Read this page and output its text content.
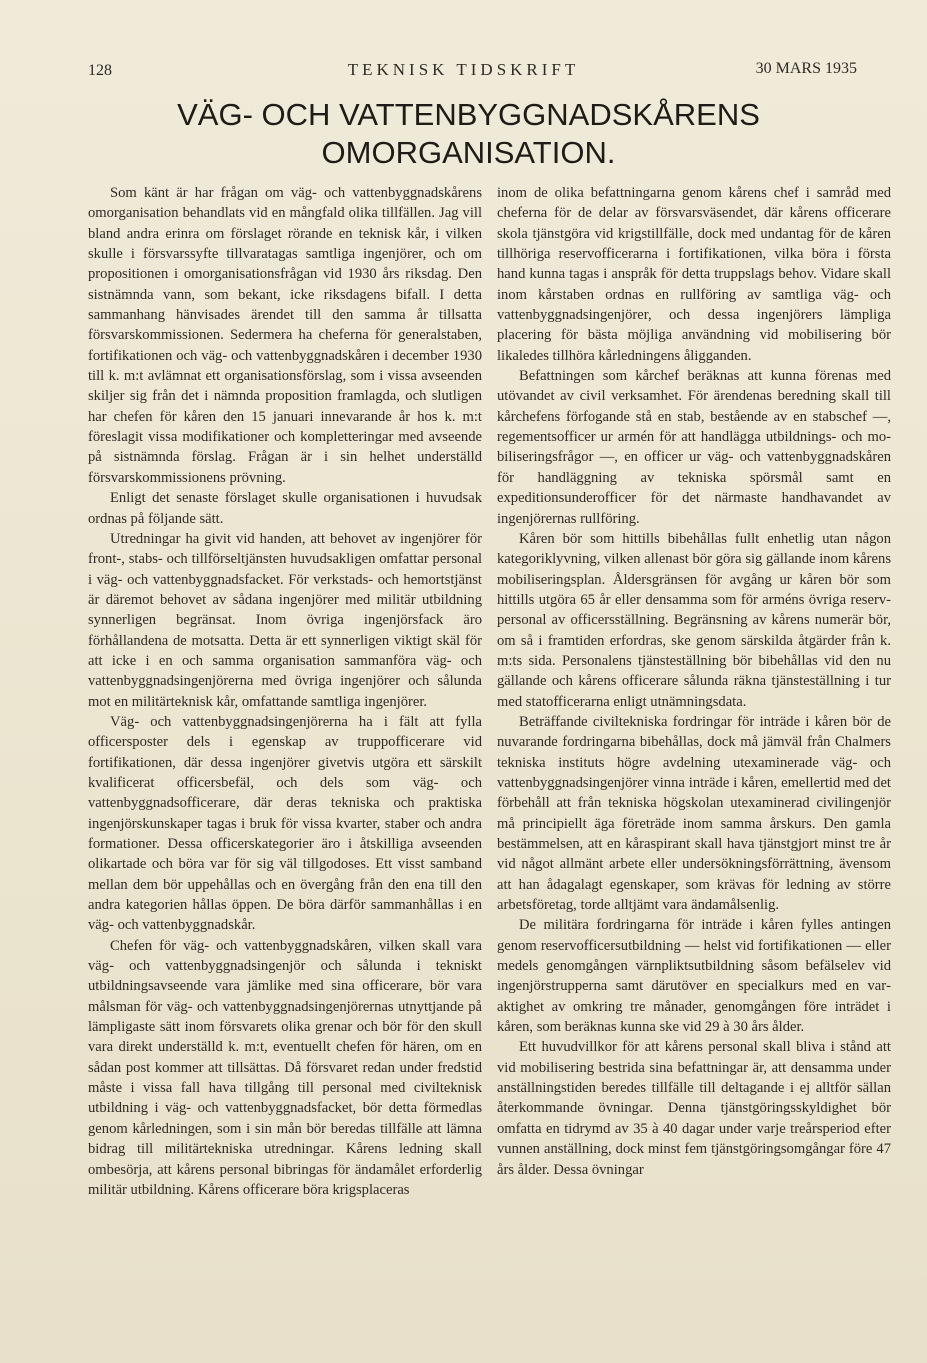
128	TEKNISK TIDSKRIFT	30 MARS 1935
VÄG- OCH VATTENBYGGNADSKÅRENS
OMORGANISATION.

Som känt är har frågan om väg- och vattenbyggnadskårens omorganisation behandlats vid en mångfald olika tillfällen. Jag vill bland andra erinra om förslaget rörande en teknisk kår, i vilken skulle i försvarssyfte tillvaratagas samtliga ingenjörer, och om propositionen i omorganisationsfrågan vid 1930 års riksdag. Den sistnämnda vann, som bekant, icke riksdagens bifall. I detta sammanhang hänvisades ärendet till den samma år tillsatta försvarskommissionen. Sedermera ha cheferna för generalstaben, fortifikationen och väg- och vattenbyggnadskåren i december 1930 till k. m:t avlämnat ett organisationsförslag, som i vissa avseenden skiljer sig från det i nämnda proposition framlagda, och slutligen har chefen för kåren den 15 januari innevarande år hos k. m:t föreslagit vissa modifikationer och kompletteringar med avseende på sistnämnda förslag. Frågan är i sin helhet underställd försvarskommissionens prövning.

Enligt det senaste förslaget skulle organisationen i huvudsak ordnas på följande sätt.

Utredningar ha givit vid handen, att behovet av ingenjörer för front-, stabs- och tillförseltjänsten huvudsakligen omfattar personal i väg- och vattenbyggnadsfacket. För verkstads- och hemortstjänst är däremot behovet av sådana ingenjörer med militär utbildning synnerligen begränsat. Inom övriga ingenjörsfack äro förhållandena de motsatta. Detta är ett synnerligen viktigt skäl för att icke i en och samma organisation sammanföra väg- och vattenbyggnadsingenjörerna med övriga ingenjörer och sålunda mot en militärteknisk kår, omfattande samtliga ingenjörer.

Väg- och vattenbyggnadsingenjörerna ha i fält att fylla officersposter dels i egenskap av truppofficerare vid fortifikationen, där dessa ingenjörer givetvis utgöra ett särskilt kvalificerat officersbefäl, och dels som väg- och vattenbyggnadsofficerare, där deras tekniska och praktiska ingenjörskunskaper tagas i bruk för vissa kvarter, staber och andra formationer. Dessa officerskategorier äro i åtskilliga avseenden olikartade och böra var för sig väl tillgodoses. Ett visst samband mellan dem bör uppehållas och en övergång från den ena till den andra kategorien hållas öppen. De böra därför sammanhållas i en väg- och vattenbyggnadskår.

Chefen för väg- och vattenbyggnadskåren, vilken skall vara väg- och vattenbyggnadsingenjör och sålunda i tekniskt utbildningsavseende vara jämlike med sina officerare, bör vara målsman för väg- och vattenbyggnadsingenjörernas utnyttjande på lämpligaste sätt inom försvarets olika grenar och bör för den skull vara direkt underställd k. m:t, eventuellt chefen för hären, om en sådan post kommer att tillsättas. Då försvaret redan under fredstid måste i vissa fall hava tillgång till personal med civilteknisk utbildning i väg- och vattenbyggnadsfacket, bör detta förmedlas genom kårledningen, som i sin mån bör beredas tillfälle att lämna bidrag till militärtekniska utredningar. Kårens ledning skall ombesörja, att kårens personal bibringas för ändamålet erforderlig militär utbildning. Kårens officerare böra krigsplaceras

inom de olika befattningarna genom kårens chef i samråd med cheferna för de delar av försvarsväsendet, där kårens officerare skola tjänstgöra vid krigstillfälle, dock med undantag för de kåren tillhöriga reservofficerarna i fortifikationen, vilka böra i första hand kunna tagas i anspråk för detta truppslags behov. Vidare skall inom kårstaben ordnas en rullföring av samtliga väg- och vattenbyggnadsingenjörer, och dessa ingenjörers lämpliga placering för bästa möjliga användning vid mobilisering bör likaledes tillhöra kårledningens åligganden.

Befattningen som kårchef beräknas att kunna förenas med utövandet av civil verksamhet. För ärendenas beredning skall till kårchefens förfogande stå en stab, bestående av en stabschef —, regementsofficer ur armén för att handlägga utbildnings- och mobiliseringsfrågor —, en officer ur väg- och vattenbyggnadskåren för handläggning av tekniska spörsmål samt en expeditionsunderofficer för det närmaste handhavandet av ingenjörernas rullföring.

Kåren bör som hittills bibehållas fullt enhetlig utan någon kategoriklyvning, vilken allenast bör göra sig gällande inom kårens mobiliseringsplan. Åldersgränsen för avgång ur kåren bör som hittills utgöra 65 år eller densamma som för arméns övriga reservpersonal av officersställning. Begränsning av kårens numerär bör, om så i framtiden erfordras, ske genom särskilda åtgärder från k. m:ts sida. Personalens tjänsteställning bör bibehållas vid den nu gällande och kårens officerare sålunda räkna tjänsteställning i tur med statofficerarna enligt utnämningsdata.

Beträffande civiltekniska fordringar för inträde i kåren bör de nuvarande fordringarna bibehållas, dock må jämväl från Chalmers tekniska instituts högre avdelning utexaminerade väg- och vattenbyggnadsingenjörer vinna inträde i kåren, emellertid med det förbehåll att från tekniska högskolan utexaminerad civilingenjör må principiellt äga företräde inom samma årskurs. Den gamla bestämmelsen, att en kåraspirant skall hava tjänstgjort minst tre år vid något allmänt arbete eller undersökningsförrättning, ävensom att han ådagalagt egenskaper, som krävas för ledning av större arbetsföretag, torde alltjämt vara ändamålsenlig.

De militära fordringarna för inträde i kåren fylles antingen genom reservofficersutbildning — helst vid fortifikationen — eller medels genomgången värnpliktsutbildning såsom befälselev vid ingenjörstrupperna samt därutöver en specialkurs med en varaktighet av omkring tre månader, genomgången före inträdet i kåren, som beräknas kunna ske vid 29 à 30 års ålder.

Ett huvudvillkor för att kårens personal skall bliva i stånd att vid mobilisering bestrida sina befattningar är, att densamma under anställningstiden beredes tillfälle till deltagande i ej alltför sällan återkommande övningar. Denna tjänstgöringsskyldighet bör omfatta en tidrymd av 35 à 40 dagar under varje treårsperiod efter vunnen anställning, dock minst fem tjänstgöringsomgångar före 47 års ålder. Dessa övningar
